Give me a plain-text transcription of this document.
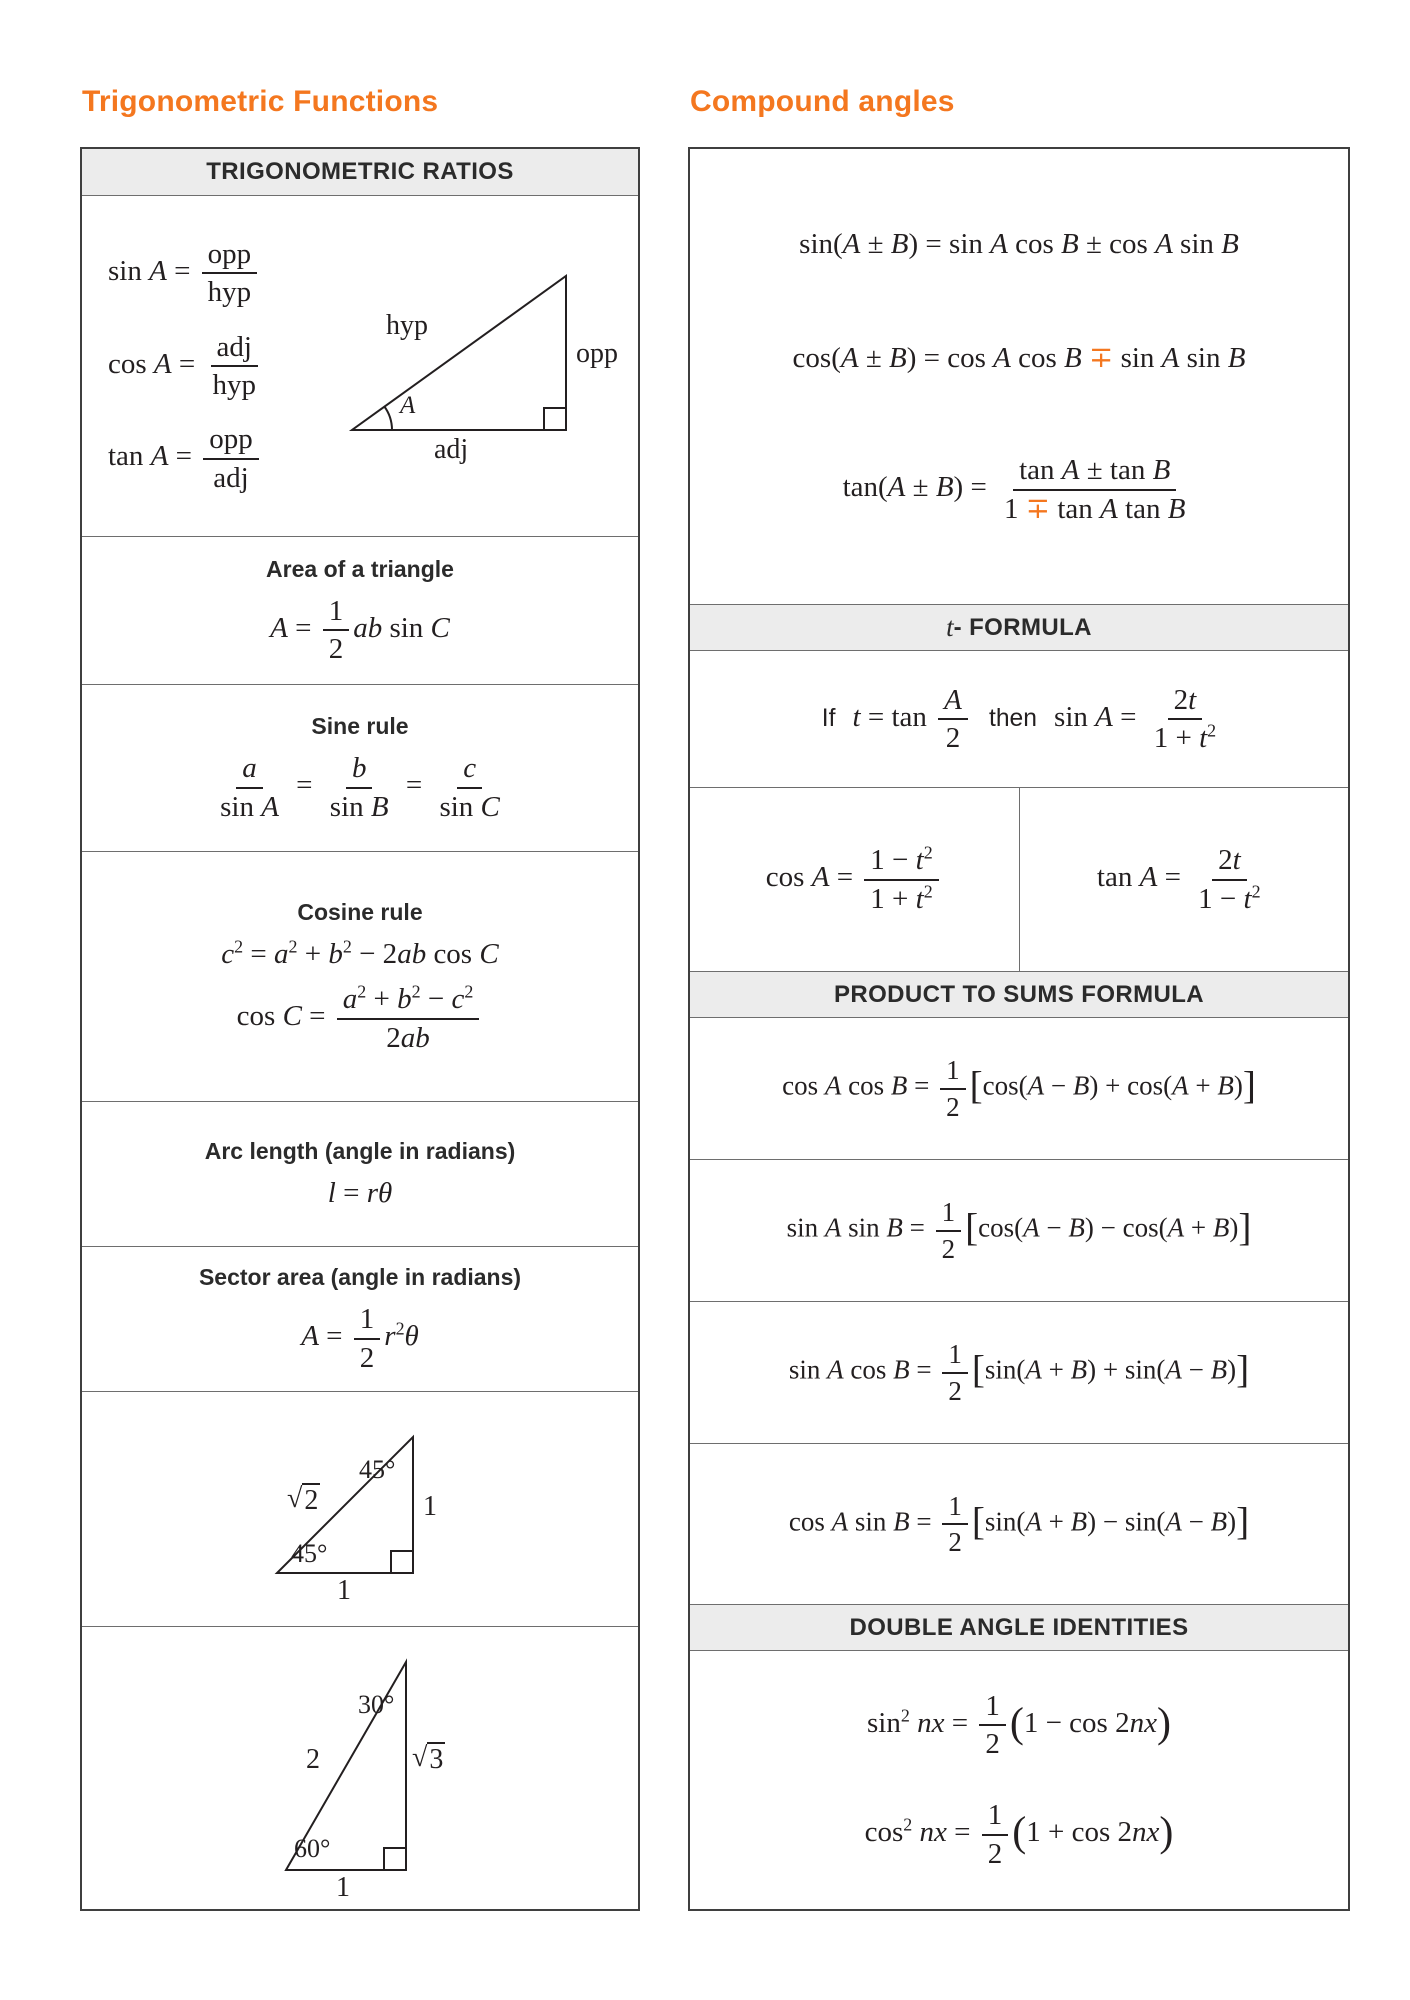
Trigonometric Functions
TRIGONOMETRIC RATIOS
$\sin A = \frac{\text{opp}}{\text{hyp}}$
$\cos A = \frac{\text{adj}}{\text{hyp}}$
$\tan A = \frac{\text{opp}}{\text{adj}}$
hyp
opp
adj
A
Area of a triangle
$A = \frac{1}{2}$ ab sin C
Sine rule
$\frac{a}{\text{sin A}} = \frac{b}{\text{sin B}} = \frac{c}{\text{sin C}}$
Cosine rule
$c^2 = a^2 + b^2 - 2ab$ cos C
$\cos C = \frac{a^2 + b^2 - c^2}{2ab}$
Arc length (angle in radians)
l = rθ
Sector area (angle in radians)
$A = \frac{1}{2} r^2\theta$
√ 2
45°
45°
1
1
2
30°
60°
√ 3
1
Compound angles
sin(A ± B) = sin A cos B ± cos A sin B
cos(A ± B) = cos A cos B ∓ sin A sin B
$\tan(A \pm B) = \frac{\text{tan A ± tan B}}{\text{1 ∓ tan A tan B}}$
t - FORMULA
If $t = \tan \frac{A}{2}$ then $\sin A = \frac{2t}{1 + t^2}$
$\cos A = \frac{1 - t^2}{1 + t^2}$	$\tan A = \frac{2t}{1 - t^2}$
PRODUCT TO SUMS FORMULA
cos A $\cos B = \frac{1}{2} [\cos(A - B) + \cos(A + B)]$
sin A $\sin B = \frac{1}{2} [\cos(A - B) - \cos(A + B)]$
sin A $\cos B = \frac{1}{2} [\sin(A + B) + \sin(A - B)]$
cos A $\sin B = \frac{1}{2} [\sin(A + B) - \sin(A - B)]$
DOUBLE ANGLE IDENTITIES
$\sin^2$ nx = $\frac{1}{2} (1 - \cos 2nx)$
$\cos^2$ nx = $\frac{1}{2} (1 + \cos 2nx)$
